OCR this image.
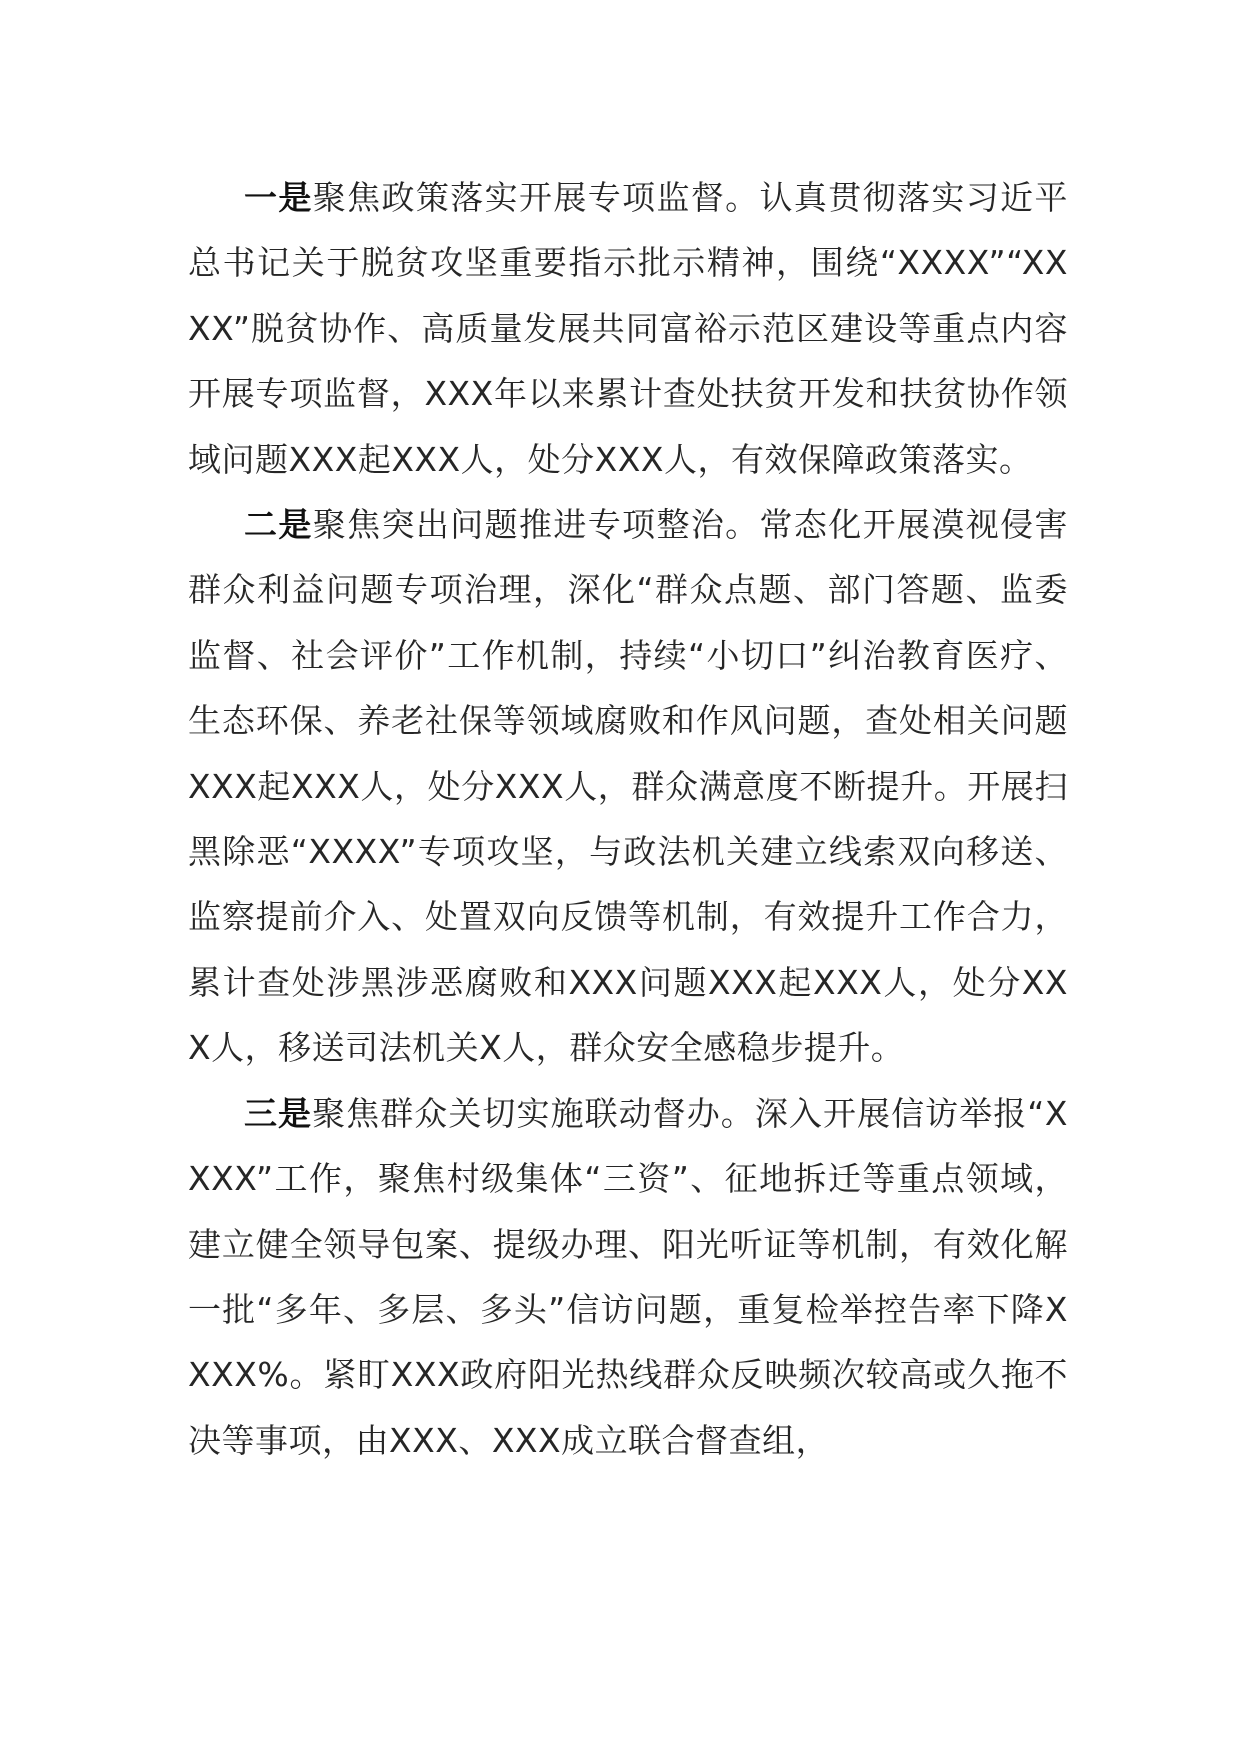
一是聚焦政策落实开展专项监督。认真贯彻落实习近平总书记关于脱贫攻坚重要指示批示精神，围绕“XXXX”“XXXX”脱贫协作、高质量发展共同富裕示范区建设等重点内容开展专项监督，XXX年以来累计查处扶贫开发和扶贫协作领域问题XXX起XXX人，处分XXX人，有效保障政策落实。

二是聚焦突出问题推进专项整治。常态化开展漠视侵害群众利益问题专项治理，深化“群众点题、部门答题、监委监督、社会评价”工作机制，持续“小切口”纠治教育医疗、生态环保、养老社保等领域腐败和作风问题，查处相关问题XXX起XXX人，处分XXX人，群众满意度不断提升。开展扫黑除恶“XXXX”专项攻坚，与政法机关建立线索双向移送、监察提前介入、处置双向反馈等机制，有效提升工作合力，累计查处涉黑涉恶腐败和XXX问题XXX起XXX人，处分XXX人，移送司法机关X人，群众安全感稳步提升。

三是聚焦群众关切实施联动督办。深入开展信访举报“XXXX”工作，聚焦村级集体“三资”、征地拆迁等重点领域，建立健全领导包案、提级办理、阳光听证等机制，有效化解一批“多年、多层、多头”信访问题，重复检举控告率下降XXXX%。紧盯XXX政府阳光热线群众反映频次较高或久拖不决等事项，由XXX、XXX成立联合督查组，
